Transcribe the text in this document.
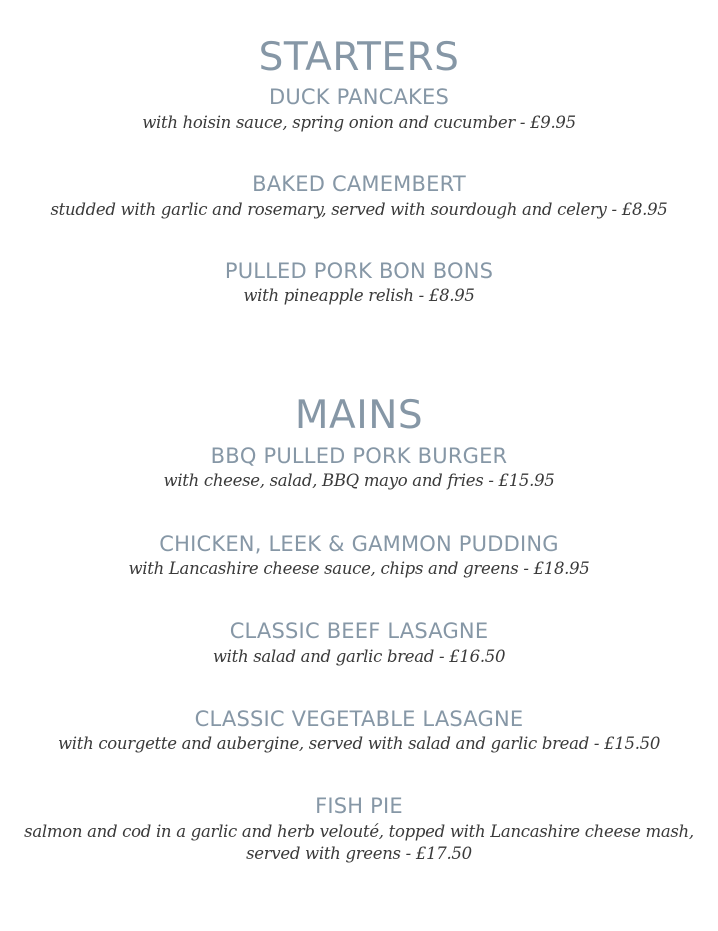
STARTERS
DUCK PANCAKES
with hoisin sauce, spring onion and cucumber - £9.95
BAKED CAMEMBERT
studded with garlic and rosemary, served with sourdough and celery - £8.95
PULLED PORK BON BONS
with pineapple relish - £8.95
MAINS
BBQ PULLED PORK BURGER
with cheese, salad, BBQ mayo and fries - £15.95
CHICKEN, LEEK & GAMMON PUDDING
with Lancashire cheese sauce, chips and greens - £18.95
CLASSIC BEEF LASAGNE
with salad and garlic bread - £16.50
CLASSIC VEGETABLE LASAGNE
with courgette and aubergine, served with salad and garlic bread - £15.50
FISH PIE
salmon and cod in a garlic and herb velouté, topped with Lancashire cheese mash,
served with greens - £17.50
